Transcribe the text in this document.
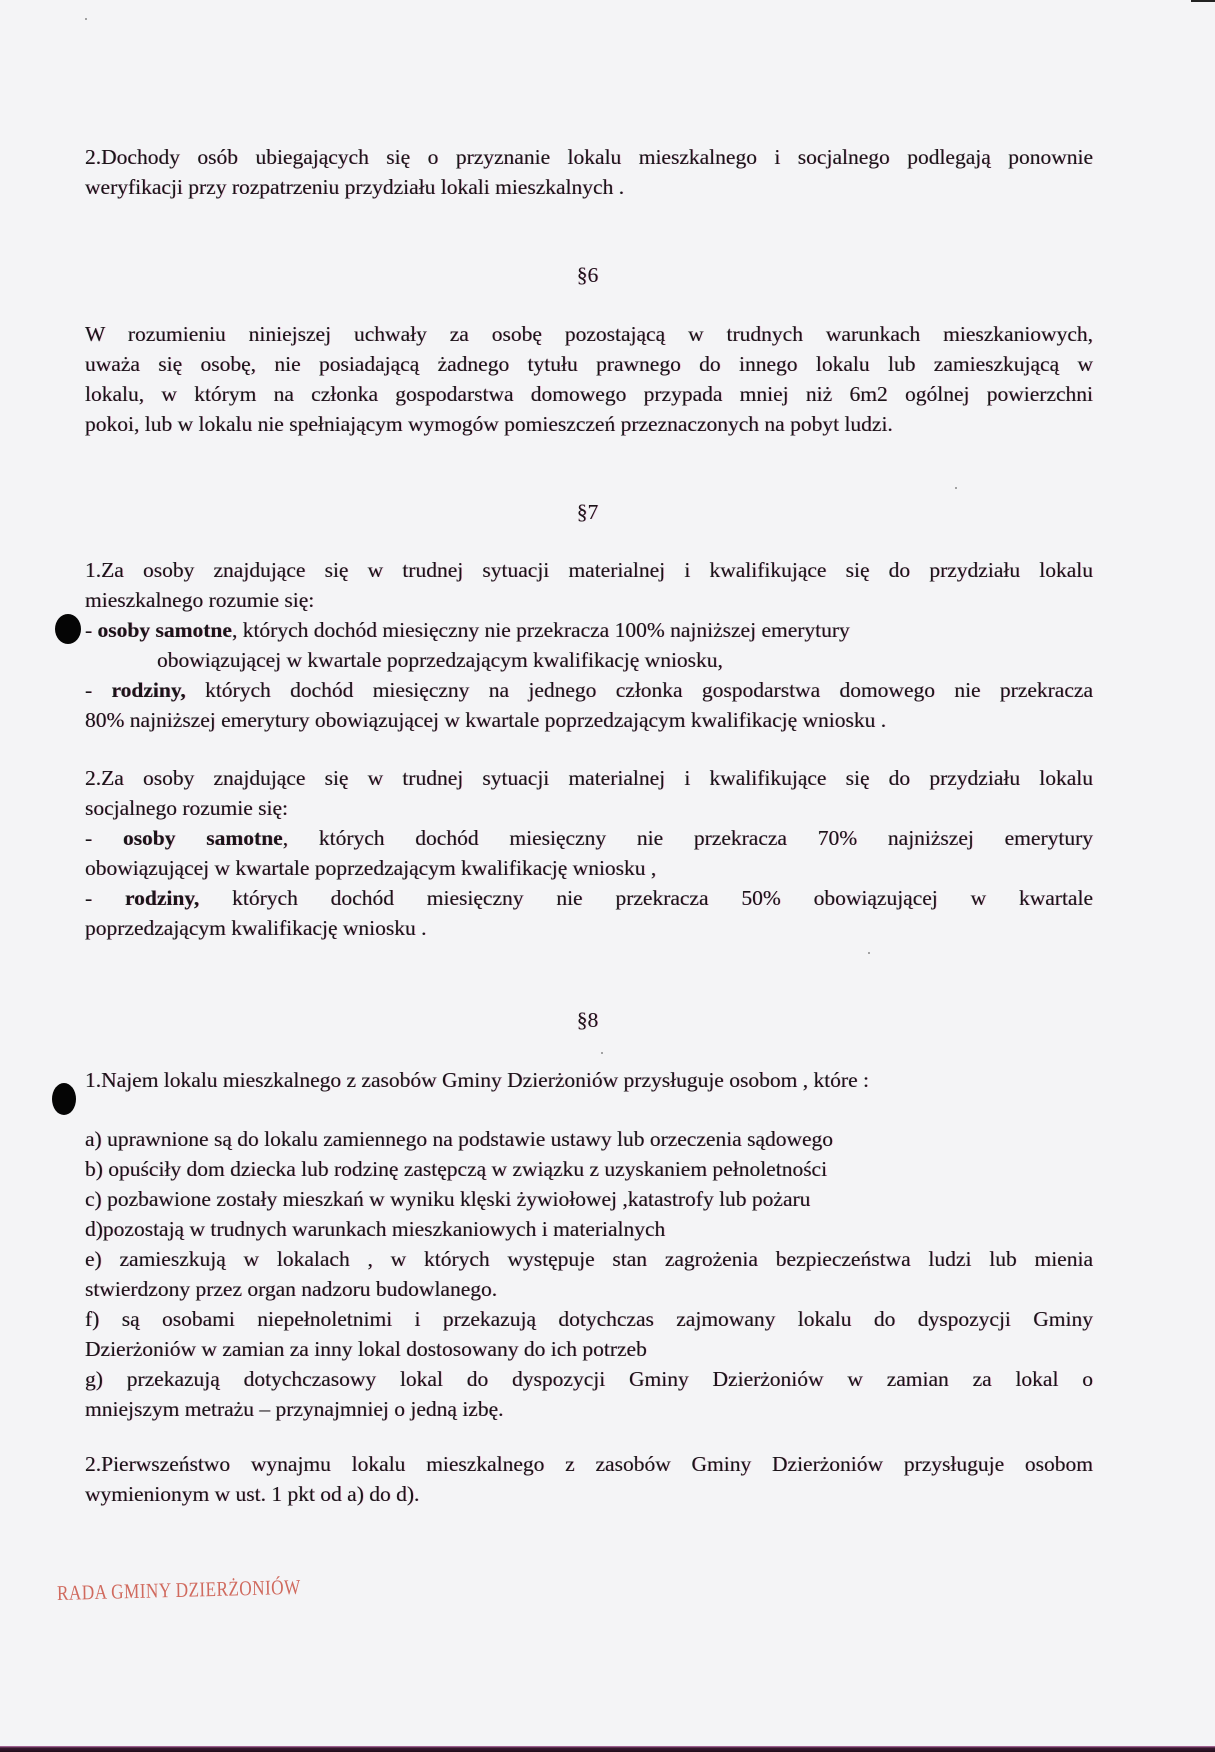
2.Dochody osób ubiegających się o przyznanie lokalu mieszkalnego i socjalnego podlegają ponownie

weryfikacji przy rozpatrzeniu przydziału lokali mieszkalnych .

§6

W rozumieniu niniejszej uchwały za osobę pozostającą w trudnych warunkach mieszkaniowych,

uważa się osobę, nie posiadającą żadnego tytułu prawnego do innego lokalu lub zamieszkującą w

lokalu, w którym na członka gospodarstwa domowego przypada mniej niż 6m2 ogólnej powierzchni

pokoi, lub w lokalu nie spełniającym wymogów pomieszczeń przeznaczonych na pobyt ludzi.

§7

1.Za osoby znajdujące się w trudnej sytuacji materialnej i kwalifikujące się do przydziału lokalu

mieszkalnego rozumie się:

- osoby samotne, których dochód miesięczny nie przekracza 100% najniższej emerytury

obowiązującej w kwartale poprzedzającym kwalifikację wniosku,

- rodziny, których dochód miesięczny na jednego członka gospodarstwa domowego nie przekracza

80% najniższej emerytury obowiązującej w kwartale poprzedzającym kwalifikację wniosku .

2.Za osoby znajdujące się w trudnej sytuacji materialnej i kwalifikujące się do przydziału lokalu

socjalnego rozumie się:

- osoby samotne, których dochód miesięczny nie przekracza 70% najniższej emerytury

obowiązującej w kwartale poprzedzającym kwalifikację wniosku ,

- rodziny, których dochód miesięczny nie przekracza 50% obowiązującej w kwartale

poprzedzającym kwalifikację wniosku .

§8

1.Najem lokalu mieszkalnego z zasobów Gminy Dzierżoniów przysługuje osobom , które :

a) uprawnione są do lokalu zamiennego na podstawie ustawy lub orzeczenia sądowego

b) opuściły dom dziecka lub rodzinę zastępczą w związku z uzyskaniem pełnoletności

c) pozbawione zostały mieszkań w wyniku klęski żywiołowej ,katastrofy lub pożaru

d)pozostają w trudnych warunkach mieszkaniowych i materialnych

e) zamieszkują w lokalach , w których występuje stan zagrożenia bezpieczeństwa ludzi lub mienia

stwierdzony przez organ nadzoru budowlanego.

f) są osobami niepełnoletnimi i przekazują dotychczas zajmowany lokalu do dyspozycji Gminy

Dzierżoniów w zamian za inny lokal dostosowany do ich potrzeb

g) przekazują dotychczasowy lokal do dyspozycji Gminy Dzierżoniów w zamian za lokal o

mniejszym metrażu – przynajmniej o jedną izbę.

2.Pierwszeństwo wynajmu lokalu mieszkalnego z zasobów Gminy Dzierżoniów przysługuje osobom

wymienionym w ust. 1 pkt od a) do d).

RADA GMINY DZIERŻONIÓW
